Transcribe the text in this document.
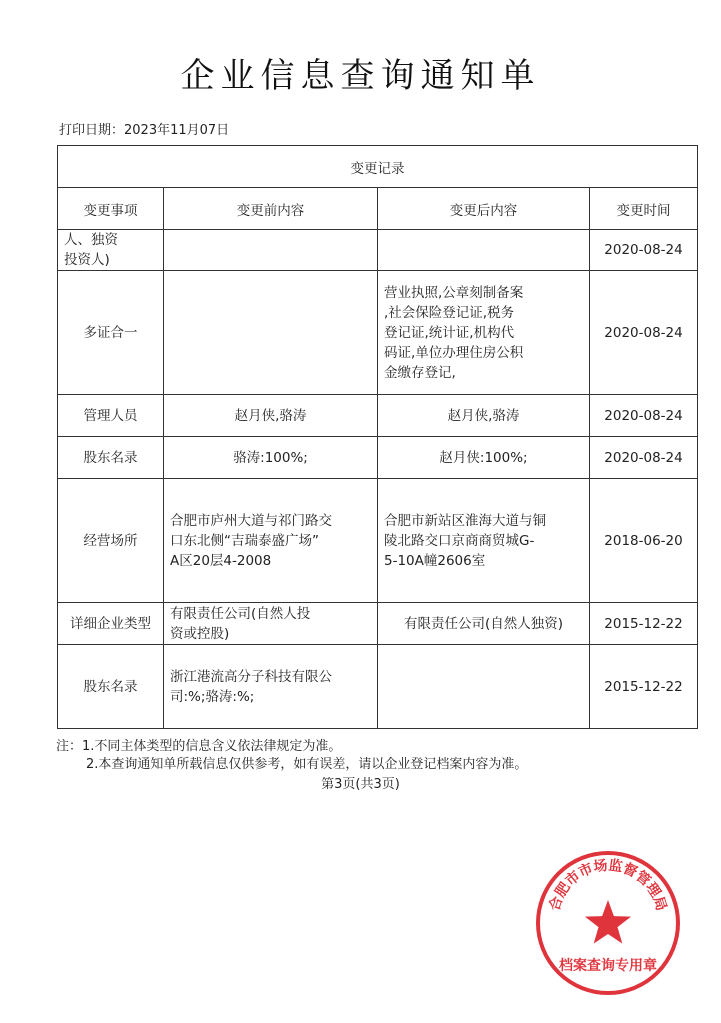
企业信息查询通知单
打印日期：2023年11月07日
变更记录			
变更事项	变更前内容	变更后内容	变更时间

人、独资
投资人)			2020-08-24

多证合一		营业执照,公章刻制备案
,社会保险登记证,税务
登记证,统计证,机构代
码证,单位办理住房公积
金缴存登记,	2020-08-24

管理人员	赵月侠,骆涛	赵月侠,骆涛	2020-08-24

股东名录	骆涛:100%;	赵月侠:100%;	2020-08-24

经营场所	合肥市庐州大道与祁门路交
口东北侧“吉瑞泰盛广场”
A区20层4-2008	合肥市新站区淮海大道与铜
陵北路交口京商商贸城G-
5-10A幢2606室	2018-06-20

详细企业类型	有限责任公司(自然人投
资或控股)	有限责任公司(自然人独资)	2015-12-22

股东名录	浙江港流高分子科技有限公
司:%;骆涛:%;		2015-12-22
注：1.不同主体类型的信息含义依法律规定为准。
2.本查询通知单所载信息仅供参考，如有误差，请以企业登记档案内容为准。
第3页(共3页)
合肥市市场监督管理局
档案查询专用章
